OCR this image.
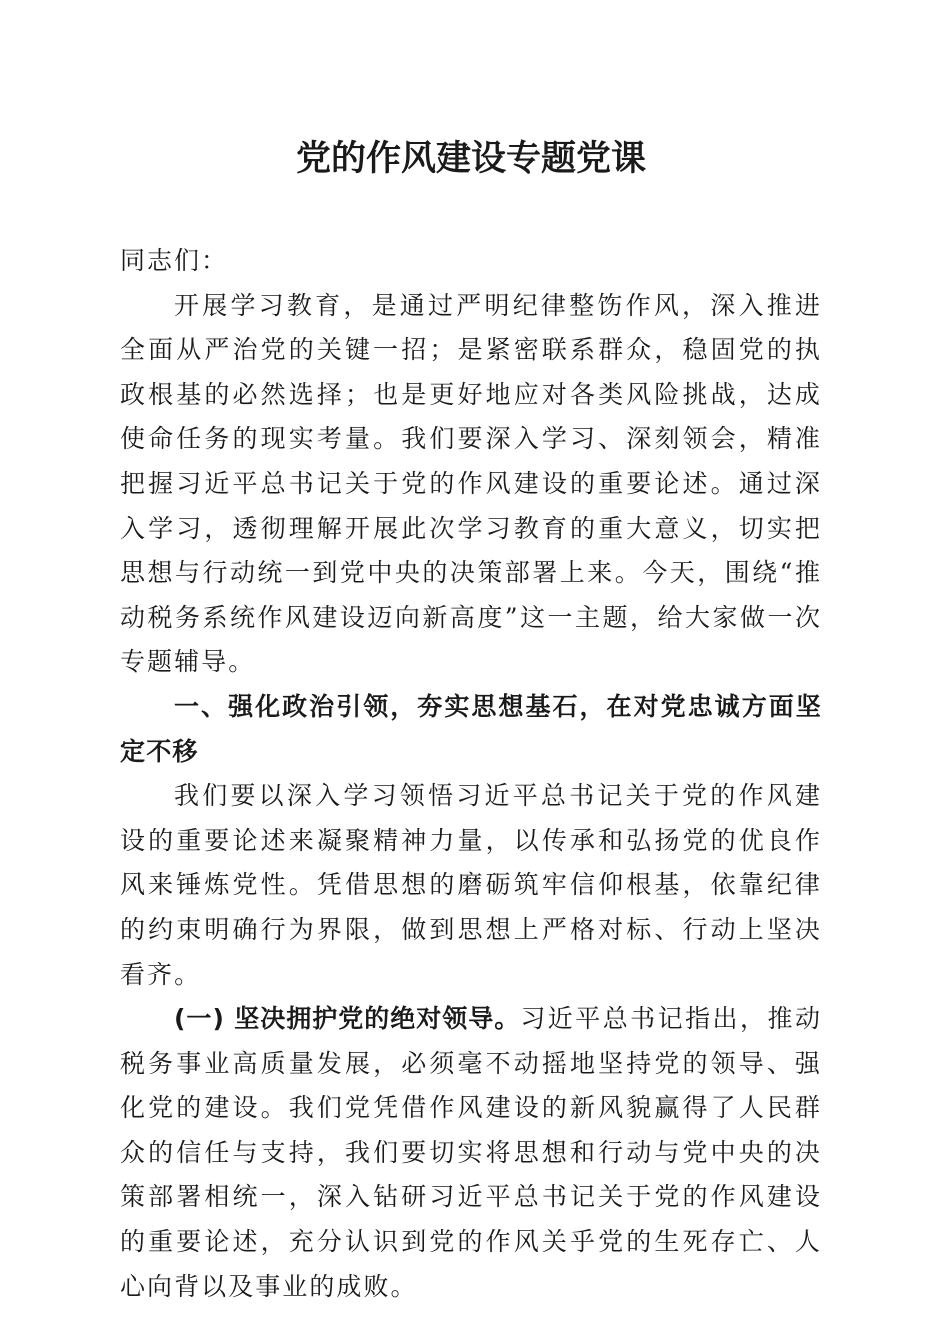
党的作风建设专题党课

同志们：

开展学习教育，是通过严明纪律整饬作风，深入推进全面从严治党的关键一招；是紧密联系群众，稳固党的执政根基的必然选择；也是更好地应对各类风险挑战，达成使命任务的现实考量。我们要深入学习、深刻领会，精准把握习近平总书记关于党的作风建设的重要论述。通过深入学习，透彻理解开展此次学习教育的重大意义，切实把思想与行动统一到党中央的决策部署上来。今天，围绕“推动税务系统作风建设迈向新高度”这一主题，给大家做一次专题辅导。

一、强化政治引领，夯实思想基石，在对党忠诚方面坚定不移

我们要以深入学习领悟习近平总书记关于党的作风建设的重要论述来凝聚精神力量，以传承和弘扬党的优良作风来锤炼党性。凭借思想的磨砺筑牢信仰根基，依靠纪律的约束明确行为界限，做到思想上严格对标、行动上坚决看齐。

(一) 坚决拥护党的绝对领导。习近平总书记指出，推动税务事业高质量发展，必须毫不动摇地坚持党的领导、强化党的建设。我们党凭借作风建设的新风貌赢得了人民群众的信任与支持，我们要切实将思想和行动与党中央的决策部署相统一，深入钻研习近平总书记关于党的作风建设的重要论述，充分认识到党的作风关乎党的生死存亡、人心向背以及事业的成败。
